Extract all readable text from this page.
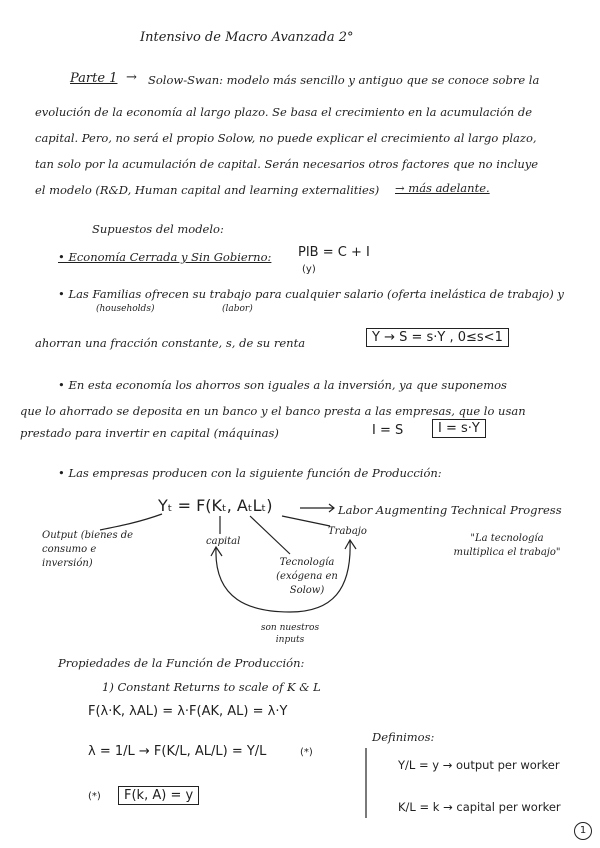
Intensivo de Macro Avanzada 2°
Parte 1 → Solow-Swan: modelo más sencillo y antiguo que se conoce sobre la
evolución de la economía al largo plazo. Se basa el crecimiento en la acumulación de
capital. Pero, no será el propio Solow, no puede explicar el crecimiento al largo plazo,
tan solo por la acumulación de capital. Serán necesarios otros factores que no incluye
el modelo (R&D, Human capital and learning externalities) → más adelante.
Supuestos del modelo:
• Economía Cerrada y Sin Gobierno: PIB = C + I
(y)
• Las Familias ofrecen su trabajo para cualquier salario (oferta inelástica de trabajo) y
(households)	(labor)
ahorran una fracción constante, s, de su renta	Y → S = s·Y , 0≤s<1
• En esta economía los ahorros son iguales a la inversión, ya que suponemos
que lo ahorrado se deposita en un banco y el banco presta a las empresas, que lo usan
prestado para invertir en capital (máquinas)	I = S	I = s·Y
• Las empresas producen con la siguiente función de Producción:
Yₜ = F(Kₜ, AₜLₜ)	Labor Augmenting Technical Progress
Output (bienes de consumo e inversión)
capital
Trabajo
Tecnología (exógena en Solow)
"La tecnología multiplica el trabajo"
son nuestros inputs
Propiedades de la Función de Producción:
1) Constant Returns to scale of K & L
F(λ·K, λAL) = λ·F(AK, AL) = λ·Y
λ = 1/L → F(K/L, AL/L) = Y/L	(*)
(*)	F(k, A) = y
Definimos:
Y/L = y → output per worker
K/L = k → capital per worker
1
